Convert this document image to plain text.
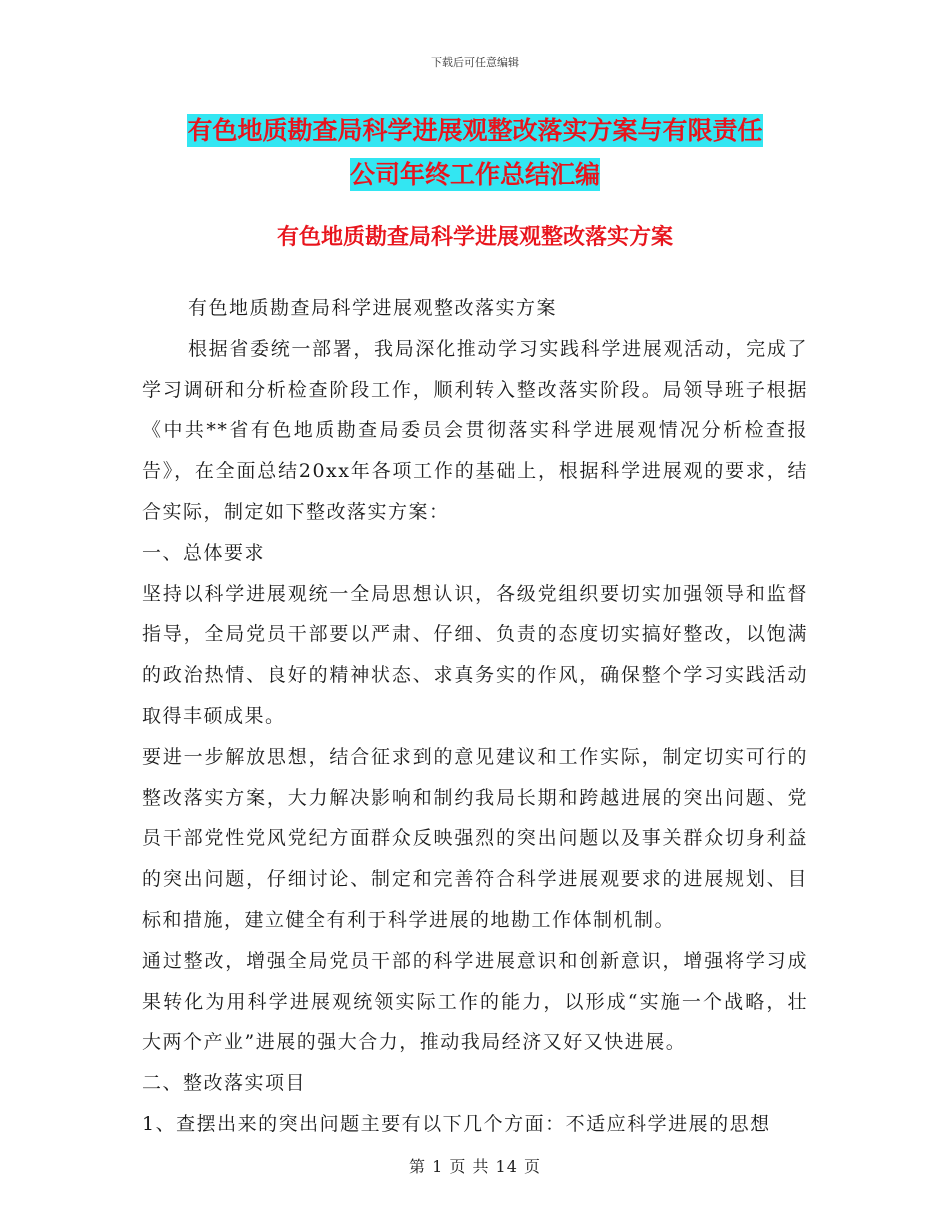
下载后可任意编辑
有色地质勘查局科学进展观整改落实方案与有限责任
公司年终工作总结汇编
有色地质勘查局科学进展观整改落实方案

有色地质勘查局科学进展观整改落实方案

根据省委统一部署，我局深化推动学习实践科学进展观活动，完成了学习调研和分析检查阶段工作，顺利转入整改落实阶段。局领导班子根据《中共**省有色地质勘查局委员会贯彻落实科学进展观情况分析检查报告》，在全面总结20xx年各项工作的基础上，根据科学进展观的要求，结合实际，制定如下整改落实方案：

一、总体要求

坚持以科学进展观统一全局思想认识，各级党组织要切实加强领导和监督指导，全局党员干部要以严肃、仔细、负责的态度切实搞好整改，以饱满的政治热情、良好的精神状态、求真务实的作风，确保整个学习实践活动取得丰硕成果。

要进一步解放思想，结合征求到的意见建议和工作实际，制定切实可行的整改落实方案，大力解决影响和制约我局长期和跨越进展的突出问题、党员干部党性党风党纪方面群众反映强烈的突出问题以及事关群众切身利益的突出问题，仔细讨论、制定和完善符合科学进展观要求的进展规划、目标和措施，建立健全有利于科学进展的地勘工作体制机制。

通过整改，增强全局党员干部的科学进展意识和创新意识，增强将学习成果转化为用科学进展观统领实际工作的能力，以形成“实施一个战略，壮大两个产业”进展的强大合力，推动我局经济又好又快进展。

二、整改落实项目

1、查摆出来的突出问题主要有以下几个方面：不适应科学进展的思想

第 1 页 共 14 页
